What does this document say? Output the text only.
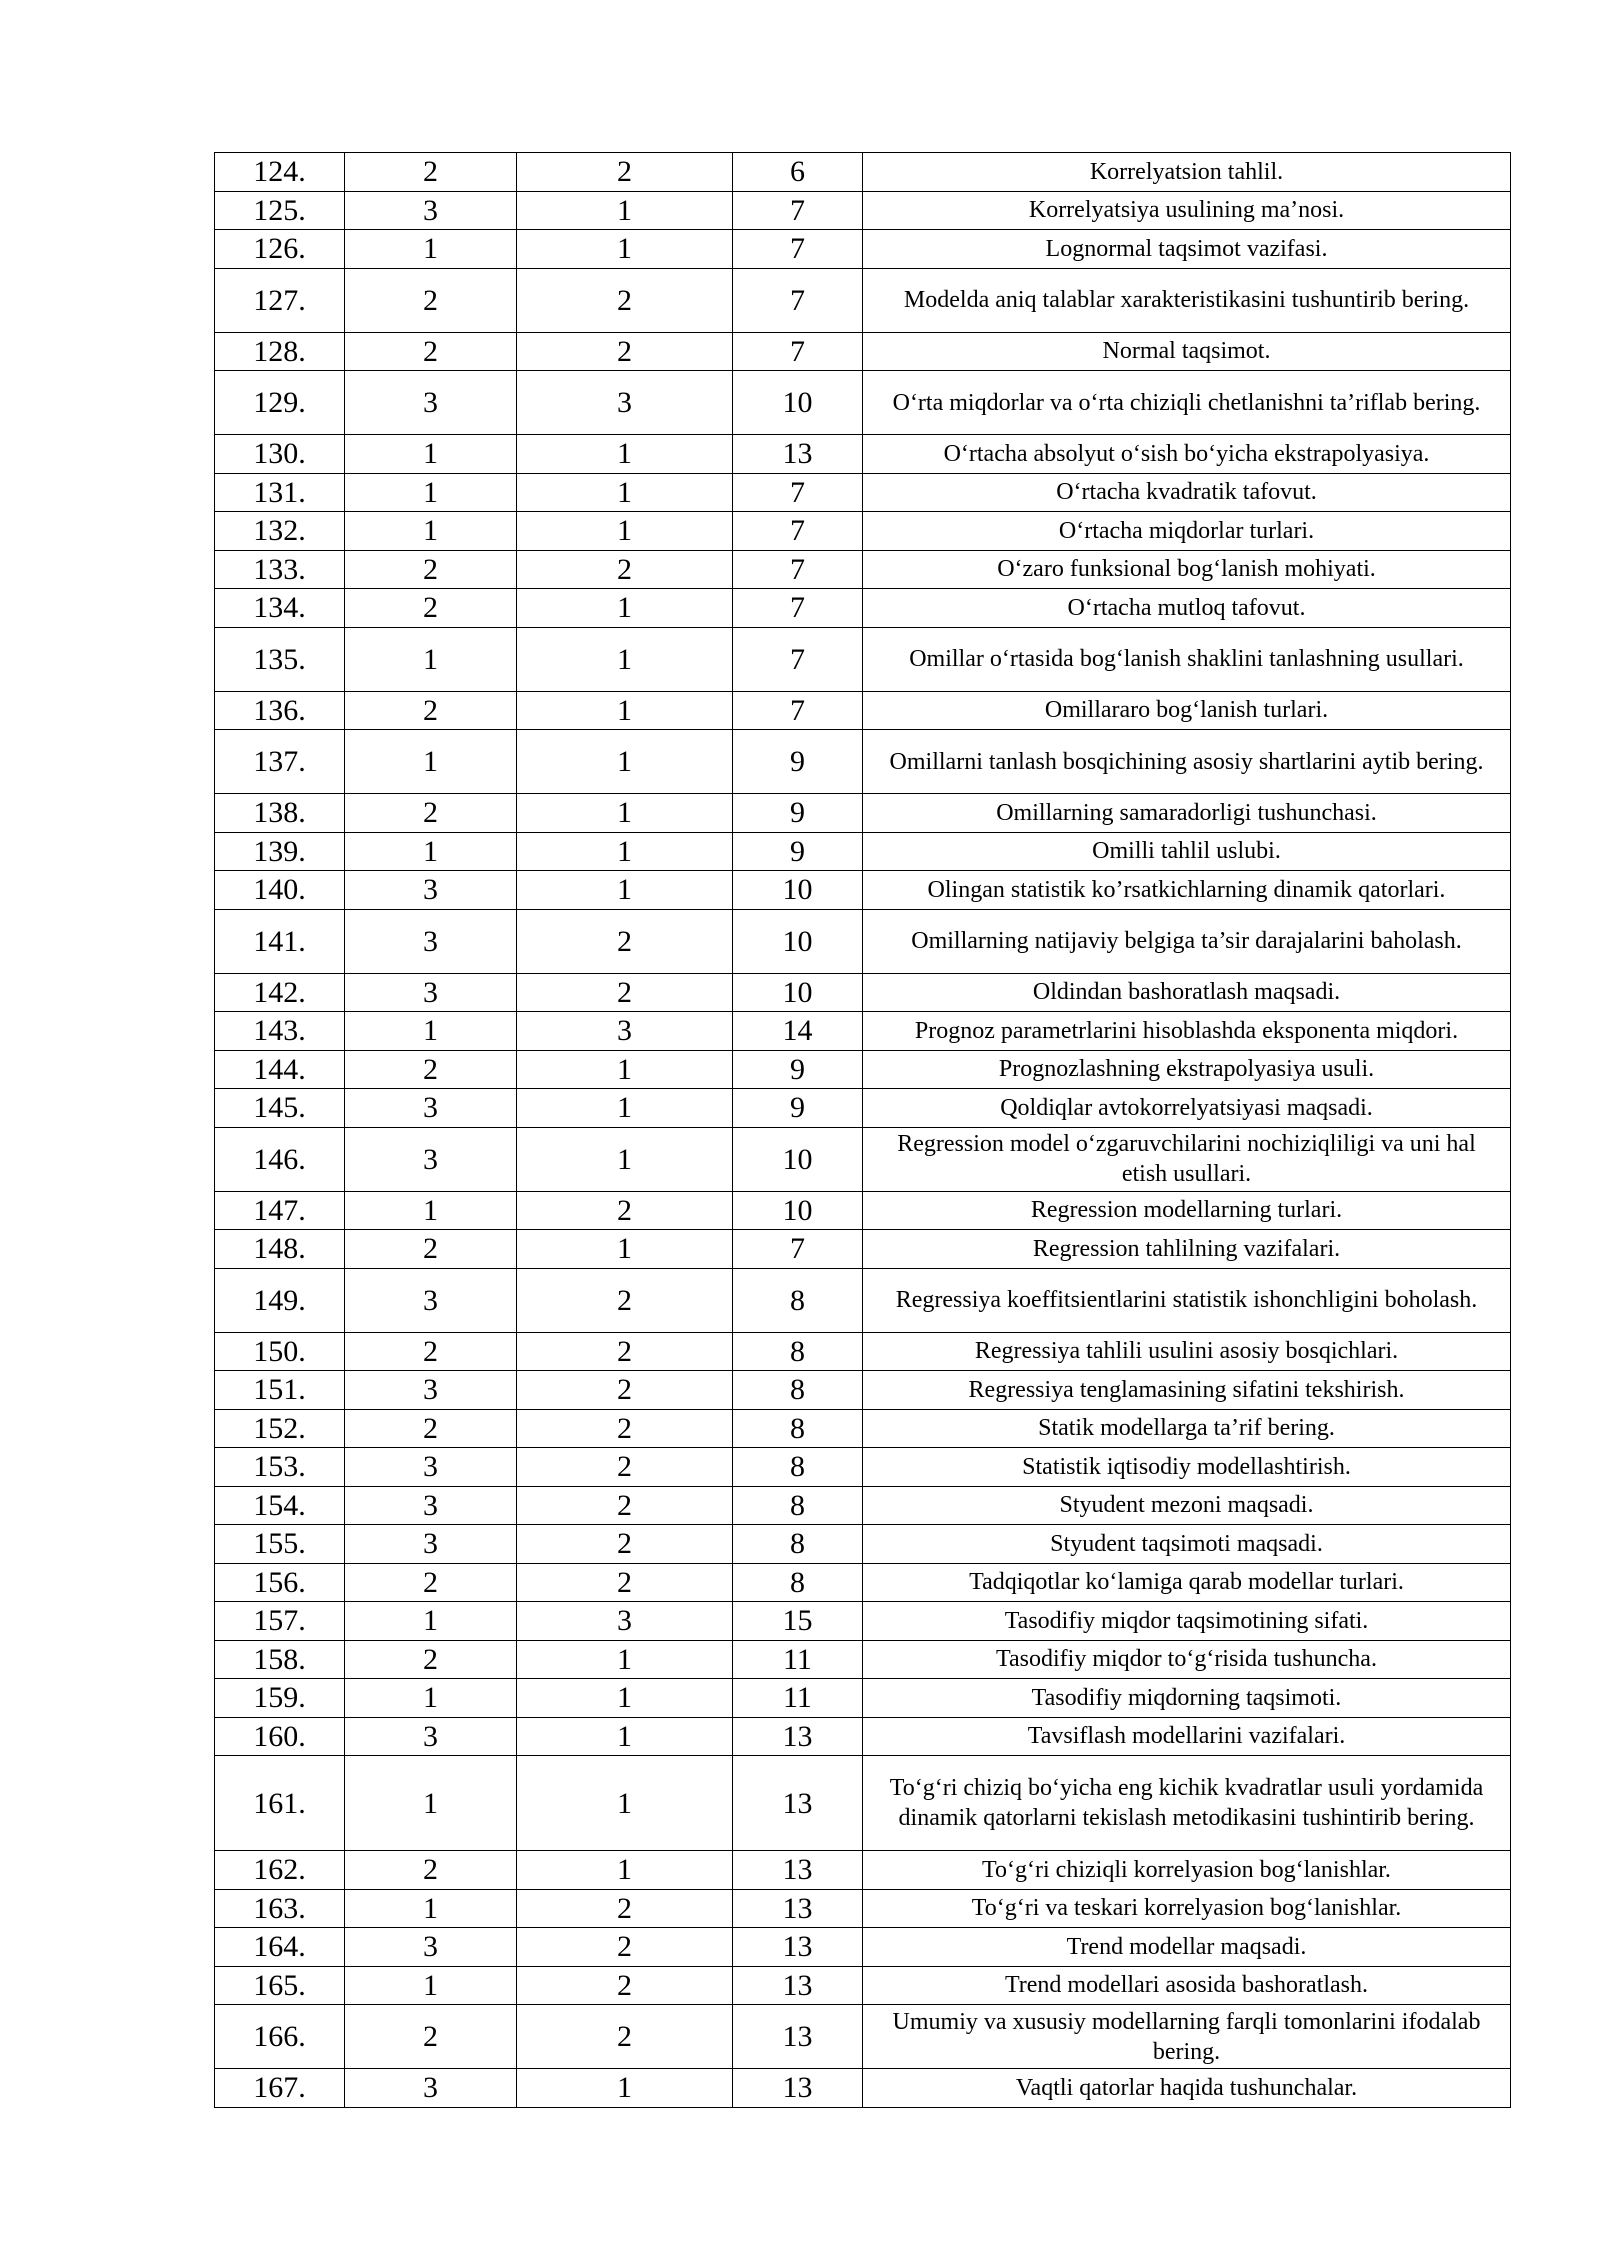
124.	2	2	6	Korrelyatsion tahlil.
125.	3	1	7	Korrelyatsiya usulining ma’nosi.
126.	1	1	7	Lognormal taqsimot vazifasi.
127.	2	2	7	Modelda aniq talablar xarakteristikasini tushuntirib bering.
128.	2	2	7	Normal taqsimot.
129.	3	3	10	O‘rta miqdorlar va o‘rta chiziqli chetlanishni ta’riflab bering.
130.	1	1	13	O‘rtacha absolyut o‘sish bo‘yicha ekstrapolyasiya.
131.	1	1	7	O‘rtacha kvadratik tafovut.
132.	1	1	7	O‘rtacha miqdorlar turlari.
133.	2	2	7	O‘zaro funksional bog‘lanish mohiyati.
134.	2	1	7	O‘rtacha mutloq tafovut.
135.	1	1	7	Omillar o‘rtasida bog‘lanish shaklini tanlashning usullari.
136.	2	1	7	Omillararo bog‘lanish turlari.
137.	1	1	9	Omillarni tanlash bosqichining asosiy shartlarini aytib bering.
138.	2	1	9	Omillarning samaradorligi tushunchasi.
139.	1	1	9	Omilli tahlil uslubi.
140.	3	1	10	Olingan statistik ko’rsatkichlarning dinamik qatorlari.
141.	3	2	10	Omillarning natijaviy belgiga ta’sir darajalarini baholash.
142.	3	2	10	Oldindan bashoratlash maqsadi.
143.	1	3	14	Prognoz parametrlarini hisoblashda eksponenta miqdori.
144.	2	1	9	Prognozlashning ekstrapolyasiya usuli.
145.	3	1	9	Qoldiqlar avtokorrelyatsiyasi maqsadi.
146.	3	1	10	Regression model o‘zgaruvchilarini nochiziqliligi va uni hal etish usullari.
147.	1	2	10	Regression modellarning turlari.
148.	2	1	7	Regression tahlilning vazifalari.
149.	3	2	8	Regressiya koeffitsientlarini statistik ishonchligini boholash.
150.	2	2	8	Regressiya tahlili usulini asosiy bosqichlari.
151.	3	2	8	Regressiya tenglamasining sifatini tekshirish.
152.	2	2	8	Statik modellarga ta’rif bering.
153.	3	2	8	Statistik iqtisodiy modellashtirish.
154.	3	2	8	Styudent mezoni maqsadi.
155.	3	2	8	Styudent taqsimoti maqsadi.
156.	2	2	8	Tadqiqotlar ko‘lamiga qarab modellar turlari.
157.	1	3	15	Tasodifiy miqdor taqsimotining sifati.
158.	2	1	11	Tasodifiy miqdor to‘g‘risida tushuncha.
159.	1	1	11	Tasodifiy miqdorning taqsimoti.
160.	3	1	13	Tavsiflash modellarini vazifalari.
161.	1	1	13	To‘g‘ri chiziq bo‘yicha eng kichik kvadratlar usuli yordamida dinamik qatorlarni tekislash metodikasini tushintirib bering.
162.	2	1	13	To‘g‘ri chiziqli korrelyasion bog‘lanishlar.
163.	1	2	13	To‘g‘ri va teskari korrelyasion bog‘lanishlar.
164.	3	2	13	Trend modellar maqsadi.
165.	1	2	13	Trend modellari asosida bashoratlash.
166.	2	2	13	Umumiy va xususiy modellarning farqli tomonlarini ifodalab bering.
167.	3	1	13	Vaqtli qatorlar haqida tushunchalar.
